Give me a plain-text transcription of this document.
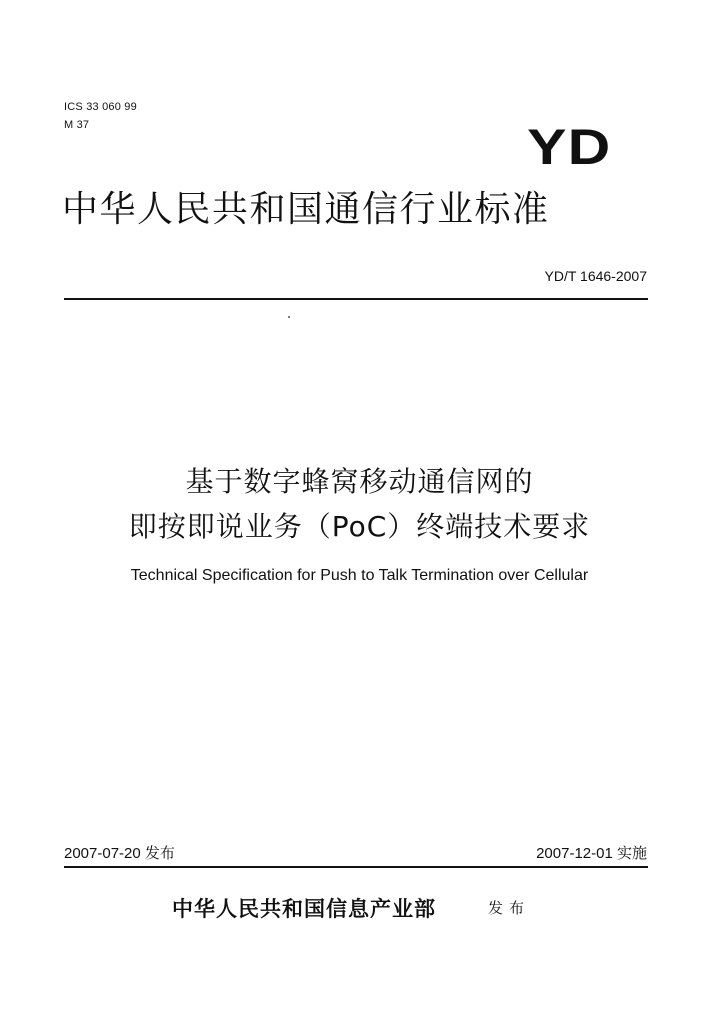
ICS 33 060 99
M 37	YD
中华人民共和国通信行业标准
YD/T 1646-2007
基于数字蜂窝移动通信网的
即按即说业务（PoC）终端技术要求
Technical Specification for Push to Talk Termination over Cellular
2007-07-20 发布	2007-12-01 实施
中华人民共和国信息产业部	发布
